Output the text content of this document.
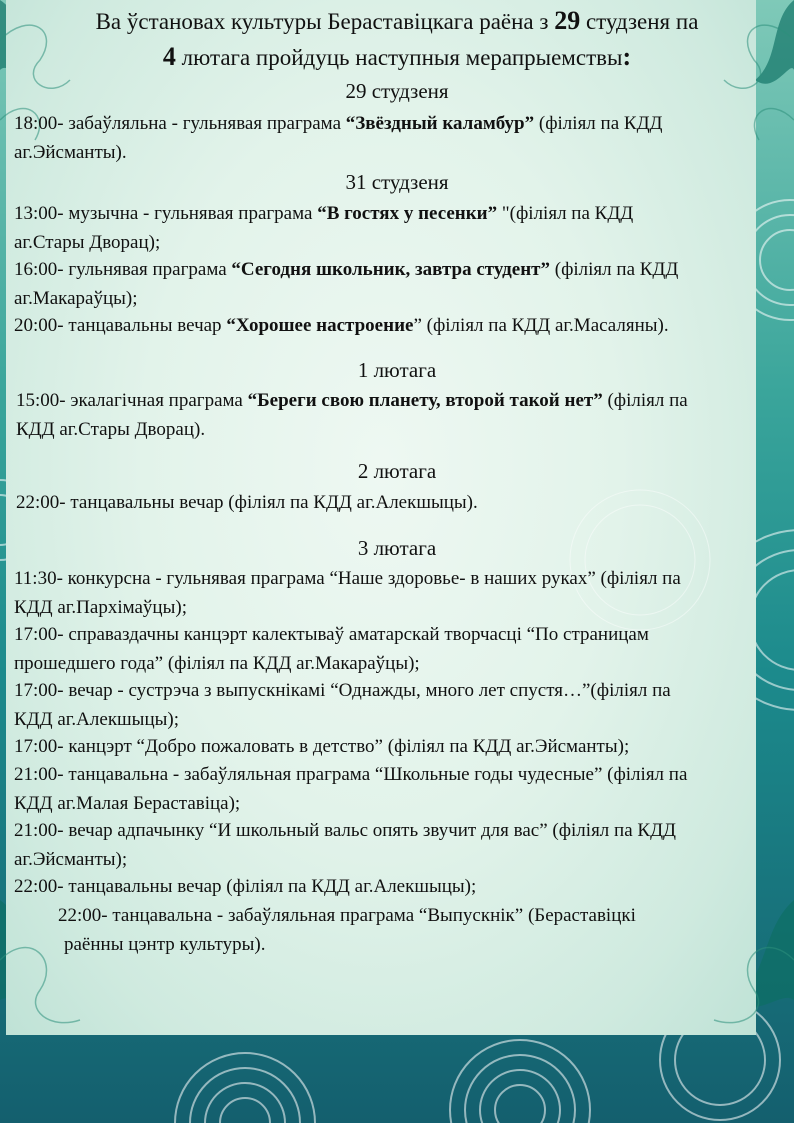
Ва ўстановах культуры Бераставіцкага раёна з 29 студзеня па
4 лютага пройдуць наступныя мерапрыемствы:
29 студзеня
18:00- забаўляльна - гульнявая праграма “Звёздный каламбур” (філіял па КДД
аг.Эйсманты).
31 студзеня
13:00- музычна - гульнявая праграма “В гостях у песенки” "(філіял па КДД
аг.Стары Дворац);
16:00- гульнявая праграма “Сегодня школьник, завтра студент” (філіял па КДД
аг.Макараўцы);
20:00- танцавальны вечар “Хорошее настроение” (філіял па КДД аг.Масаляны).
1 лютага
15:00- экалагічная праграма “Береги свою планету, второй такой нет” (філіял па
КДД аг.Стары Дворац).
2 лютага
22:00- танцавальны вечар (філіял па КДД аг.Алекшыцы).
3 лютага
11:30- конкурсна - гульнявая праграма “Наше здоровье- в наших руках” (філіял па
КДД аг.Пархімаўцы);
17:00- справаздачны канцэрт калектываў аматарскай творчасці “По страницам
прошедшего года” (філіял па КДД аг.Макараўцы);
17:00- вечар - сустрэча з выпускнікамі “Однажды, много лет спустя…”(філіял па
КДД аг.Алекшыцы);
17:00- канцэрт “Добро пожаловать в детство” (філіял па КДД аг.Эйсманты);
21:00- танцавальна - забаўляльная праграма “Школьные годы чудесные” (філіял па
КДД аг.Малая Бераставіца);
21:00- вечар адпачынку “И школьный вальс опять звучит для вас” (філіял па КДД
аг.Эйсманты);
22:00- танцавальны вечар (філіял па КДД аг.Алекшыцы);
22:00- танцавальна - забаўляльная праграма “Выпускнік” (Бераставіцкі
раённы цэнтр культуры).
